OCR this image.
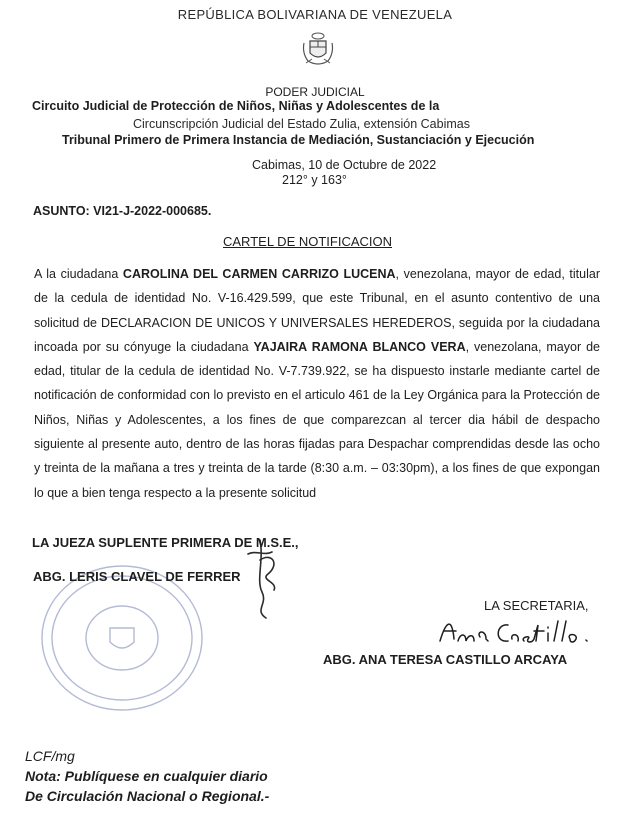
REPÚBLICA BOLIVARIANA DE VENEZUELA
PODER JUDICIAL
Circuito Judicial de Protección de Niños, Niñas y Adolescentes de la
Circunscripción Judicial del Estado Zulia, extensión Cabimas
Tribunal Primero de Primera Instancia de Mediación, Sustanciación y Ejecución
Cabimas, 10 de Octubre de 2022
212° y 163°
ASUNTO: VI21-J-2022-000685.
CARTEL DE NOTIFICACION
A la ciudadana CAROLINA DEL CARMEN CARRIZO LUCENA, venezolana, mayor de edad, titular de la cedula de identidad No. V-16.429.599, que este Tribunal, en el asunto contentivo de una solicitud de DECLARACION DE UNICOS Y UNIVERSALES HEREDEROS, seguida por la ciudadana incoada por su cónyuge la ciudadana YAJAIRA RAMONA BLANCO VERA, venezolana, mayor de edad, titular de la cedula de identidad No. V-7.739.922, se ha dispuesto instarle mediante cartel de notificación de conformidad con lo previsto en el articulo 461 de la Ley Orgánica para la Protección de Niños, Niñas y Adolescentes, a los fines de que comparezcan al tercer dia hábil de despacho siguiente al presente auto, dentro de las horas fijadas para Despachar comprendidas desde las ocho y treinta de la mañana a tres y treinta de la tarde (8:30 a.m. – 03:30pm), a los fines de que expongan lo que a bien tenga respecto a la presente solicitud
LA JUEZA SUPLENTE PRIMERA DE M.S.E.,
ABG. LERIS CLAVEL DE FERRER
LA SECRETARIA,
ABG. ANA TERESA CASTILLO ARCAYA
LCF/mg
Nota: Publíquese en cualquier diario
De Circulación Nacional o Regional.-
